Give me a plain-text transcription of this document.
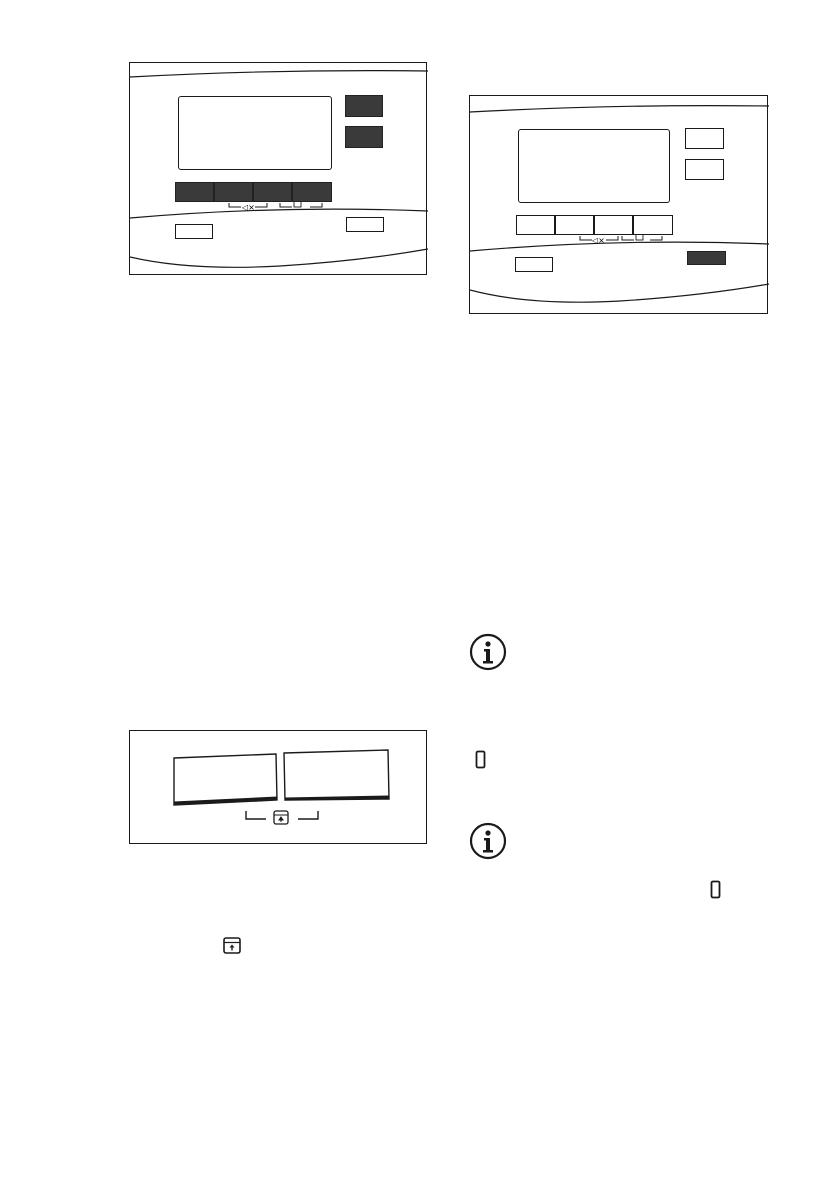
◁×
◁×
